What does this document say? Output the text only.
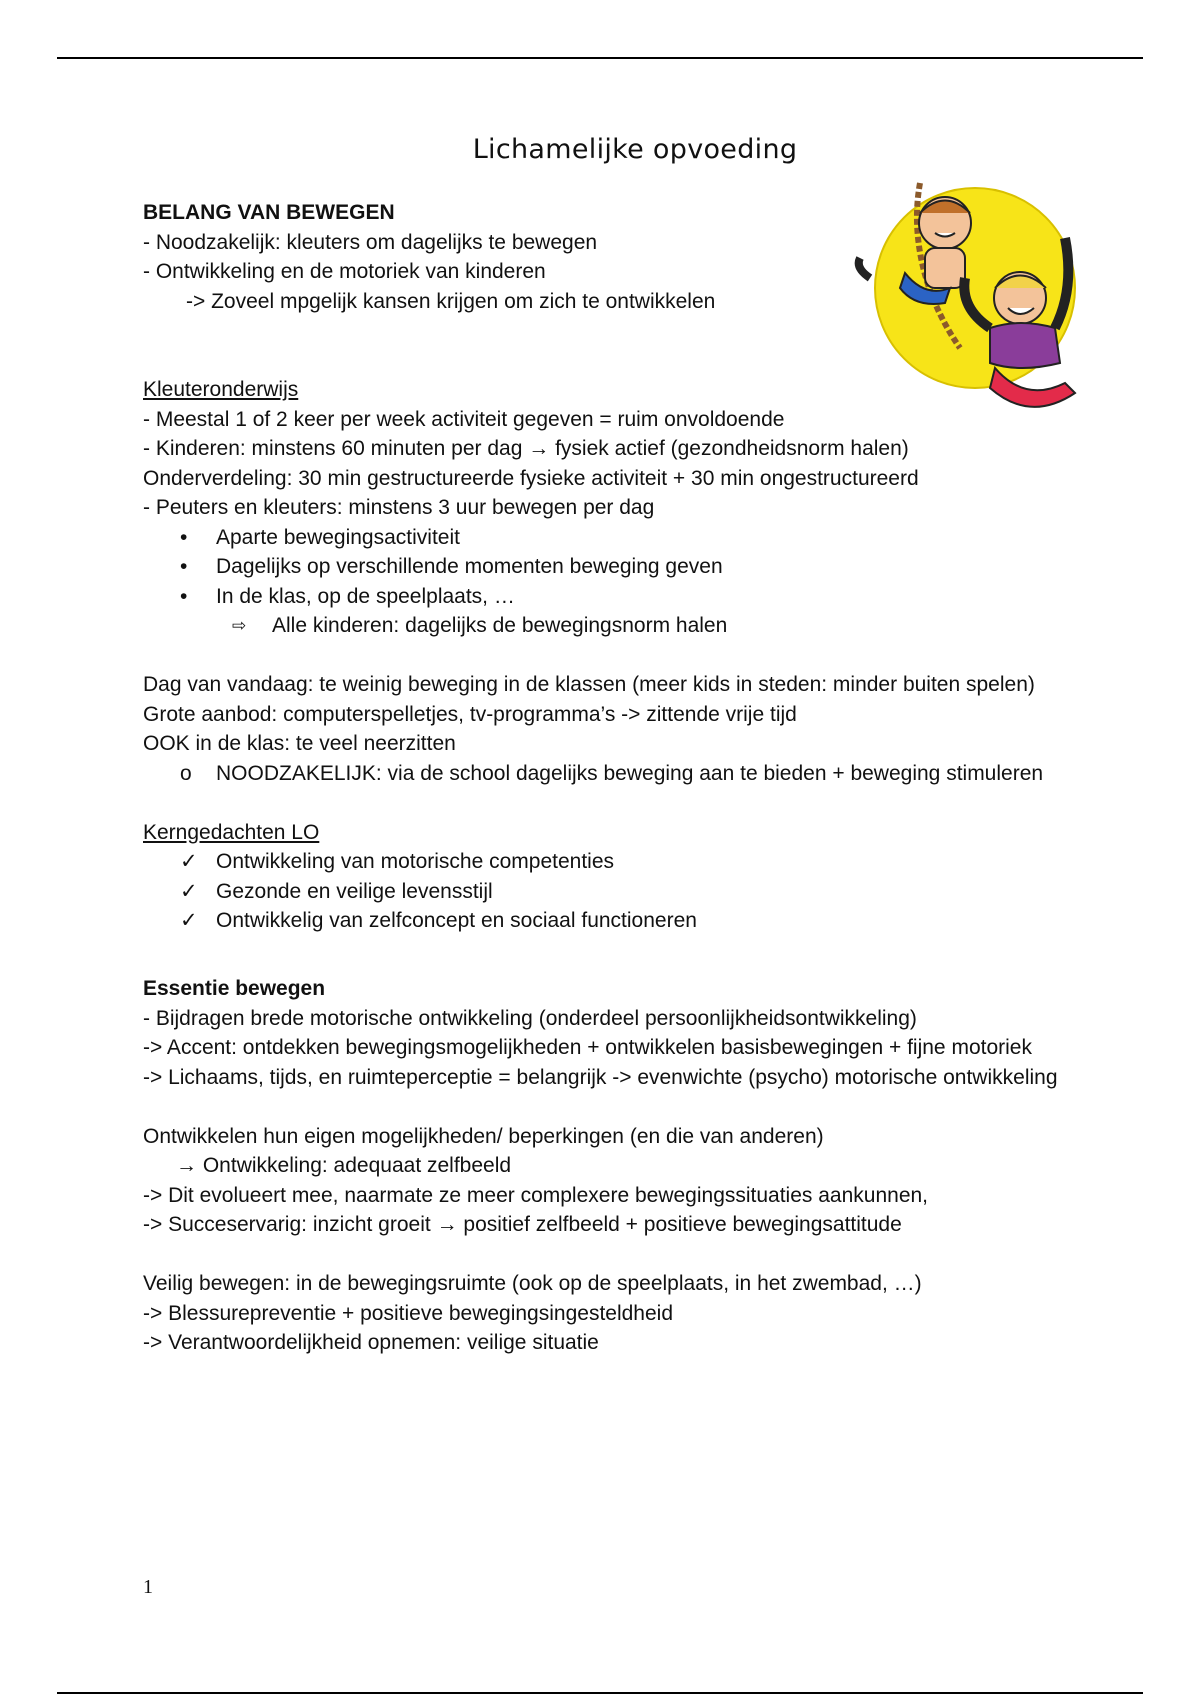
Lichamelijke opvoeding
BELANG VAN BEWEGEN
- Noodzakelijk: kleuters om dagelijks te bewegen
- Ontwikkeling en de motoriek van kinderen
-> Zoveel mpgelijk kansen krijgen om zich te ontwikkelen
Kleuteronderwijs
- Meestal 1 of 2 keer per week activiteit gegeven = ruim onvoldoende
- Kinderen: minstens 60 minuten per dag → fysiek actief (gezondheidsnorm halen)
Onderverdeling: 30 min gestructureerde fysieke activiteit + 30 min ongestructureerd
- Peuters en kleuters: minstens 3 uur bewegen per dag
• Aparte bewegingsactiviteit
• Dagelijks op verschillende momenten beweging geven
• In de klas, op de speelplaats, …
⇨ Alle kinderen: dagelijks de bewegingsnorm halen
Dag van vandaag: te weinig beweging in de klassen (meer kids in steden: minder buiten spelen)
Grote aanbod: computerspelletjes, tv-programma’s -> zittende vrije tijd
OOK in de klas: te veel neerzitten
o NOODZAKELIJK: via de school dagelijks beweging aan te bieden + beweging stimuleren
Kerngedachten LO
✓ Ontwikkeling van motorische competenties
✓ Gezonde en veilige levensstijl
✓ Ontwikkelig van zelfconcept en sociaal functioneren
Essentie bewegen
- Bijdragen brede motorische ontwikkeling (onderdeel persoonlijkheidsontwikkeling)
-> Accent: ontdekken bewegingsmogelijkheden + ontwikkelen basisbewegingen + fijne motoriek
-> Lichaams, tijds, en ruimteperceptie = belangrijk -> evenwichte (psycho) motorische ontwikkeling
Ontwikkelen hun eigen mogelijkheden/ beperkingen (en die van anderen)
→ Ontwikkeling: adequaat zelfbeeld
-> Dit evolueert mee, naarmate ze meer complexere bewegingssituaties aankunnen,
-> Succeservarig: inzicht groeit → positief zelfbeeld + positieve bewegingsattitude
Veilig bewegen: in de bewegingsruimte (ook op de speelplaats, in het zwembad, …)
-> Blessurepreventie + positieve bewegingsingesteldheid
-> Verantwoordelijkheid opnemen: veilige situatie
1
